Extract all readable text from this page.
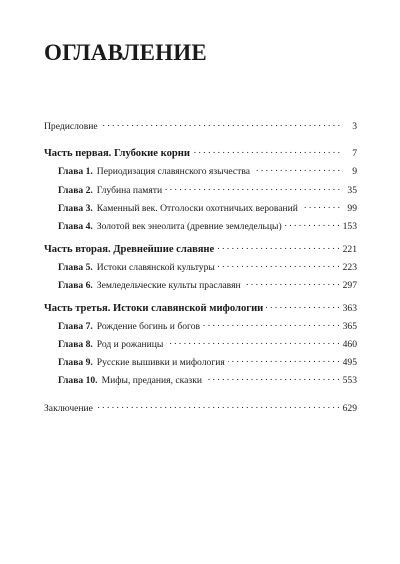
ОГЛАВЛЕНИЕ
Предисловие . . .	3
Часть первая. Глубокие корни . . .	7
Глава 1. Периодизация славянского язычества . . .	9
Глава 2. Глубина памяти . . .	35
Глава 3. Каменный век. Отголоски охотничьих верований . . .	99
Глава 4. Золотой век энеолита (древние земледельцы) . . .	153
Часть вторая. Древнейшие славяне . . .	221
Глава 5. Истоки славянской культуры . . .	223
Глава 6. Земледельческие культы праславян . . .	297
Часть третья. Истоки славянской мифологии . . .	363
Глава 7. Рождение богинь и богов . . .	365
Глава 8. Род и рожаницы . . .	460
Глава 9. Русские вышивки и мифология . . .	495
Глава 10. Мифы, предания, сказки . . .	553
Заключение . . .	629
